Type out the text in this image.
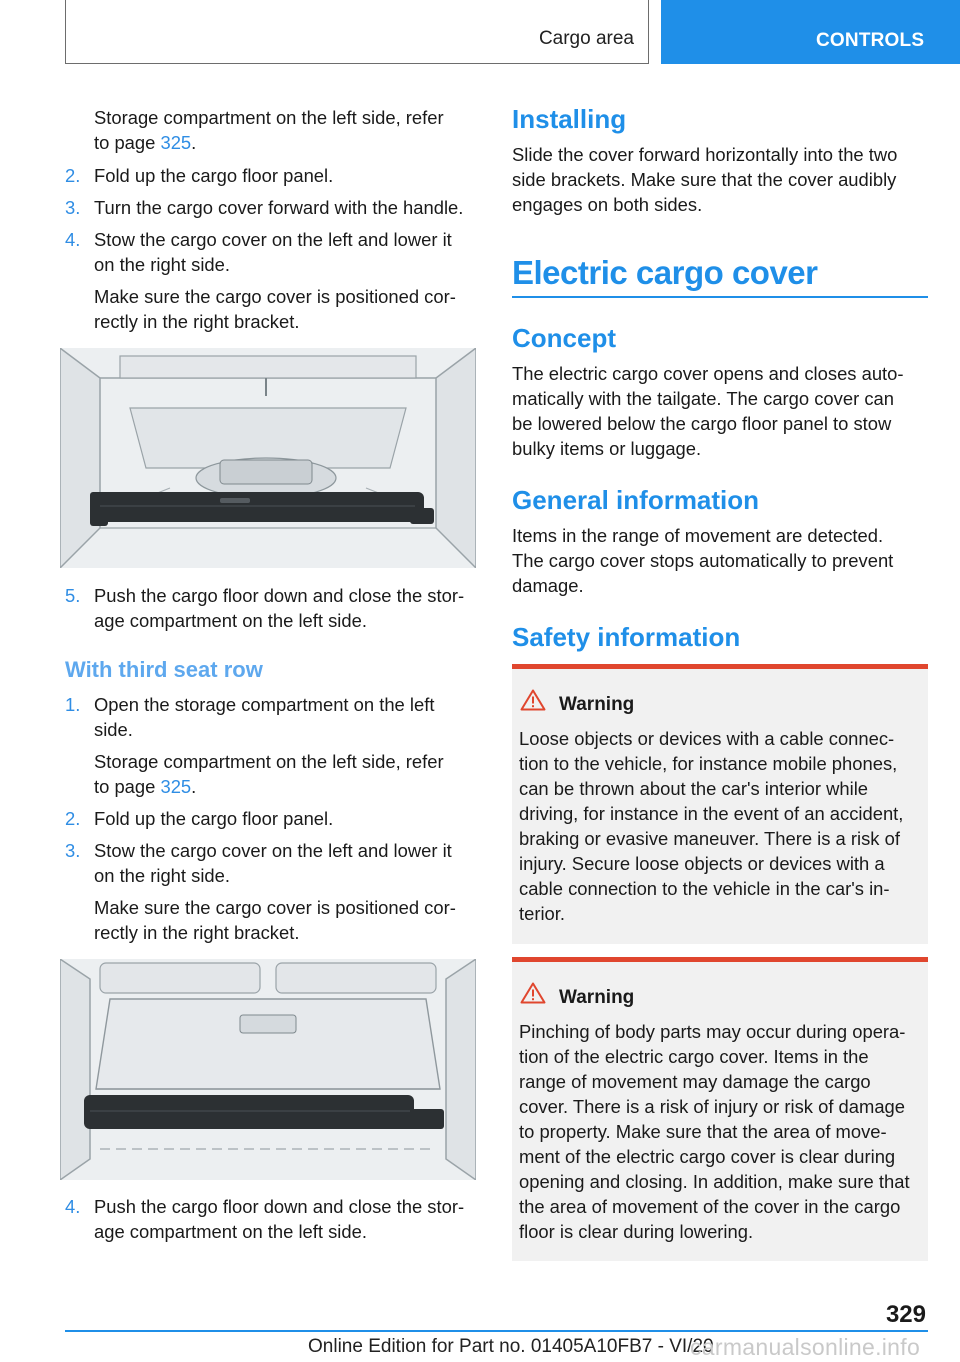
Cargo area	CONTROLS
Storage compartment on the left side, refer
to page 325.
2. Fold up the cargo floor panel.
3. Turn the cargo cover forward with the handle.
4. Stow the cargo cover on the left and lower it
on the right side.
Make sure the cargo cover is positioned cor-
rectly in the right bracket.
5. Push the cargo floor down and close the stor-
age compartment on the left side.
With third seat row
1. Open the storage compartment on the left
side.
Storage compartment on the left side, refer
to page 325.
2. Fold up the cargo floor panel.
3. Stow the cargo cover on the left and lower it
on the right side.
Make sure the cargo cover is positioned cor-
rectly in the right bracket.
4. Push the cargo floor down and close the stor-
age compartment on the left side.
Installing
Slide the cover forward horizontally into the two
side brackets. Make sure that the cover audibly
engages on both sides.
Electric cargo cover
Concept
The electric cargo cover opens and closes auto-
matically with the tailgate. The cargo cover can
be lowered below the cargo floor panel to stow
bulky items or luggage.
General information
Items in the range of movement are detected.
The cargo cover stops automatically to prevent
damage.
Safety information
Warning
Loose objects or devices with a cable connec-
tion to the vehicle, for instance mobile phones,
can be thrown about the car's interior while
driving, for instance in the event of an accident,
braking or evasive maneuver. There is a risk of
injury. Secure loose objects or devices with a
cable connection to the vehicle in the car's in-
terior.
Warning
Pinching of body parts may occur during opera-
tion of the electric cargo cover. Items in the
range of movement may damage the cargo
cover. There is a risk of injury or risk of damage
to property. Make sure that the area of move-
ment of the electric cargo cover is clear during
opening and closing. In addition, make sure that
the area of movement of the cover in the cargo
floor is clear during lowering.
329
Online Edition for Part no. 01405A10FB7 - VI/20
carmanualsonline.info
